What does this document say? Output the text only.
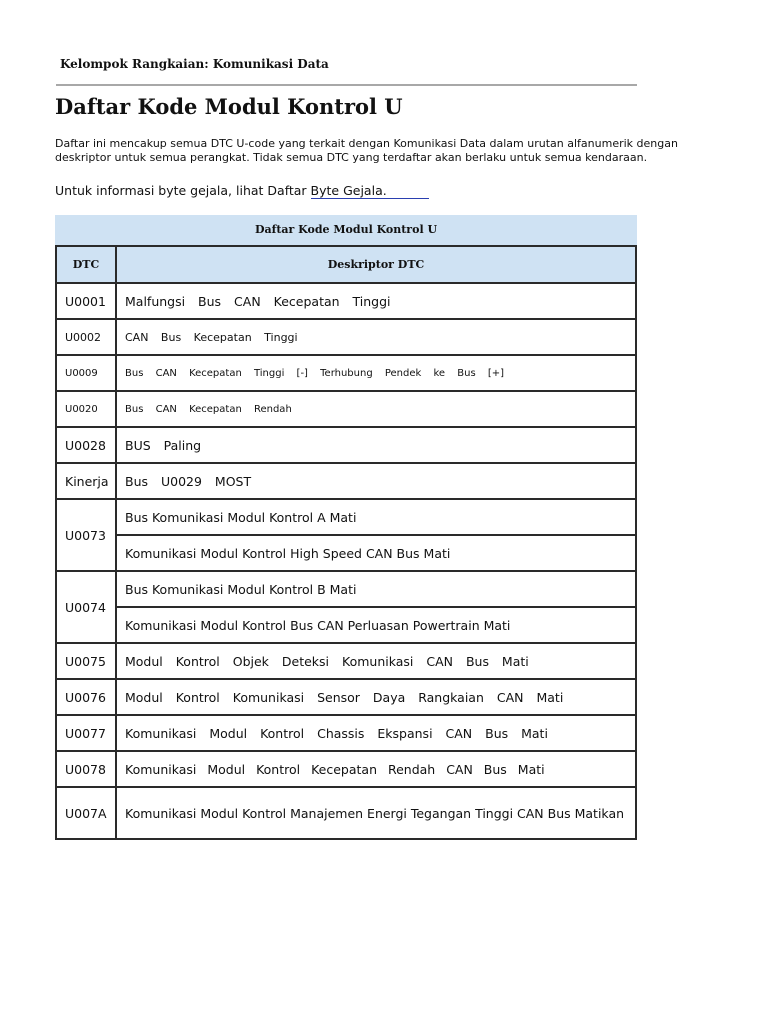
Kelompok Rangkaian: Komunikasi Data
Daftar Kode Modul Kontrol U

Daftar ini mencakup semua DTC U-code yang terkait dengan Komunikasi Data dalam urutan alfanumerik dengan deskriptor untuk semua perangkat. Tidak semua DTC yang terdaftar akan berlaku untuk semua kendaraan.

Untuk informasi byte gejala, lihat Daftar Byte Gejala.

Daftar Kode Modul Kontrol U
DTC	Deskriptor DTC
U0001	Malfungsi Bus CAN Kecepatan Tinggi
U0002	CAN Bus Kecepatan Tinggi
U0009	Bus CAN Kecepatan Tinggi [-] Terhubung Pendek ke Bus [+]
U0020	Bus CAN Kecepatan Rendah
U0028	BUS Paling
Kinerja	Bus U0029 MOST
U0073	Bus Komunikasi Modul Kontrol A Mati
	Komunikasi Modul Kontrol High Speed CAN Bus Mati
U0074	Bus Komunikasi Modul Kontrol B Mati
	Komunikasi Modul Kontrol Bus CAN Perluasan Powertrain Mati
U0075	Modul Kontrol Objek Deteksi Komunikasi CAN Bus Mati
U0076	Modul Kontrol Komunikasi Sensor Daya Rangkaian CAN Mati
U0077	Komunikasi Modul Kontrol Chassis Ekspansi CAN Bus Mati
U0078	Komunikasi Modul Kontrol Kecepatan Rendah CAN Bus Mati
U007A	Komunikasi Modul Kontrol Manajemen Energi Tegangan Tinggi CAN Bus Matikan
